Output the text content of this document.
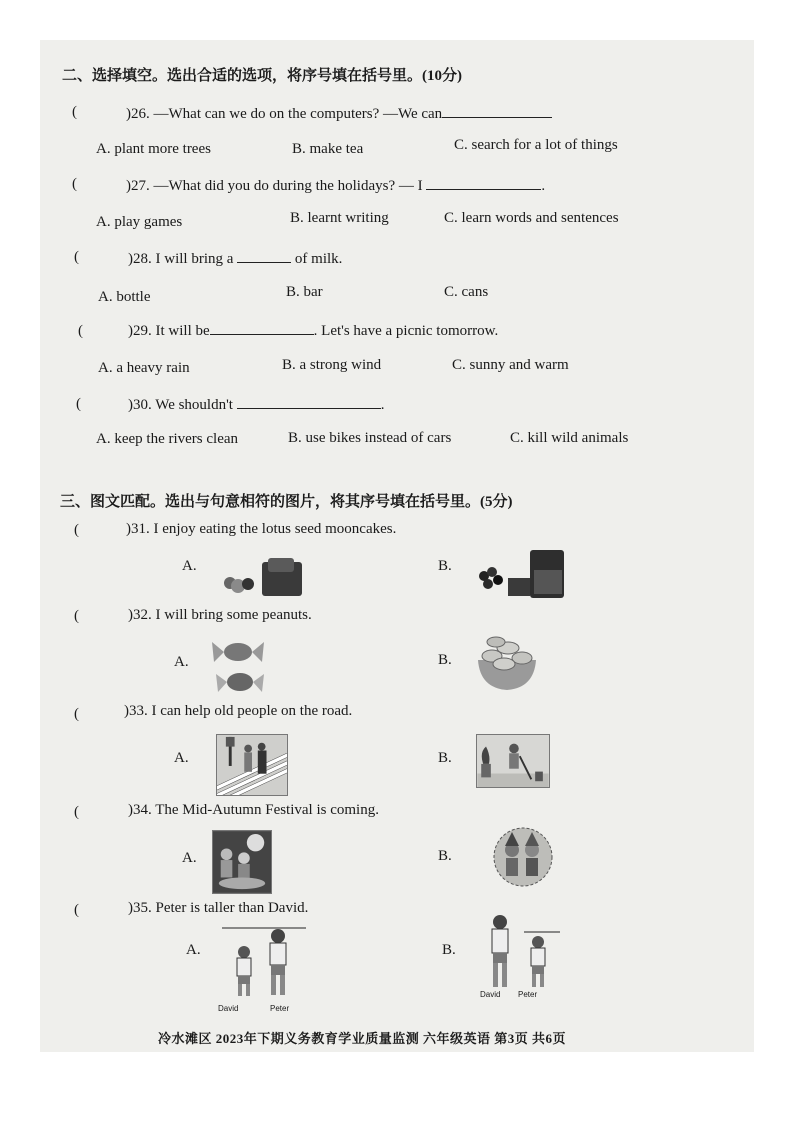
二、选择填空。选出合适的选项，将序号填在括号里。(10分)
(	)26. —What can we do on the computers? —We can
A. plant more trees	B. make tea	C. search for a lot of things
(	)27. —What did you do during the holidays? — I	.
A. play games	B. learnt writing	C. learn words and sentences
(	)28. I will bring a	of milk.
A. bottle	B. bar	C. cans
(	)29. It will be	. Let's have a picnic tomorrow.
A. a heavy rain	B. a strong wind	C. sunny and warm
(	)30. We shouldn't	.
A. keep the rivers clean	B. use bikes instead of cars	C. kill wild animals
三、图文匹配。选出与句意相符的图片，将其序号填在括号里。(5分)
(	)31. I enjoy eating the lotus seed mooncakes.
A.	B.
(	)32. I will bring some peanuts.
A.	B.
(	)33. I can help old people on the road.
A.	B.
(	)34. The Mid-Autumn Festival is coming.
A.	B.
(	)35. Peter is taller than David.
A.
David	Peter
B.
David Peter
冷水滩区 2023年下期义务教育学业质量监测 六年级英语 第3页 共6页
